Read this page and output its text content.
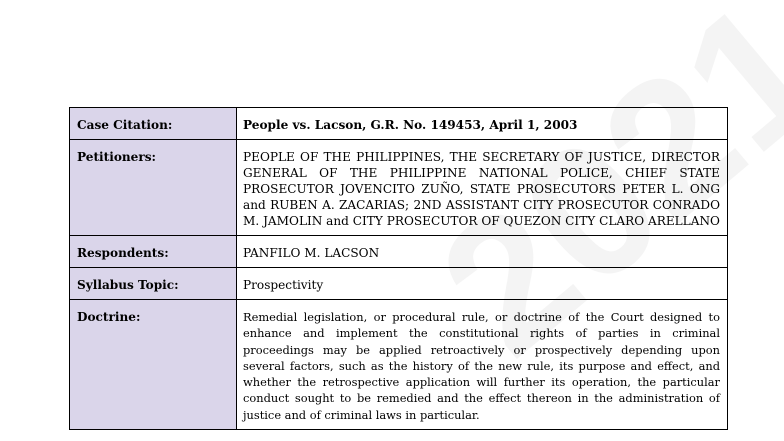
Case Citation:	People vs. Lacson, G.R. No. 149453, April 1, 2003
Petitioners:	PEOPLE OF THE PHILIPPINES, THE SECRETARY OF JUSTICE, DIRECTOR GENERAL OF THE PHILIPPINE NATIONAL POLICE, CHIEF STATE PROSECUTOR JOVENCITO ZUÑO, STATE PROSECUTORS PETER L. ONG and RUBEN A. ZACARIAS; 2ND ASSISTANT CITY PROSECUTOR CONRADO M. JAMOLIN and CITY PROSECUTOR OF QUEZON CITY CLARO ARELLANO
Respondents:	PANFILO M. LACSON
Syllabus Topic:	Prospectivity
Doctrine:	Remedial legislation, or procedural rule, or doctrine of the Court designed to enhance and implement the constitutional rights of parties in criminal proceedings may be applied retroactively or prospectively depending upon several factors, such as the history of the new rule, its purpose and effect, and whether the retrospective application will further its operation, the particular conduct sought to be remedied and the effect thereon in the administration of justice and of criminal laws in particular.
